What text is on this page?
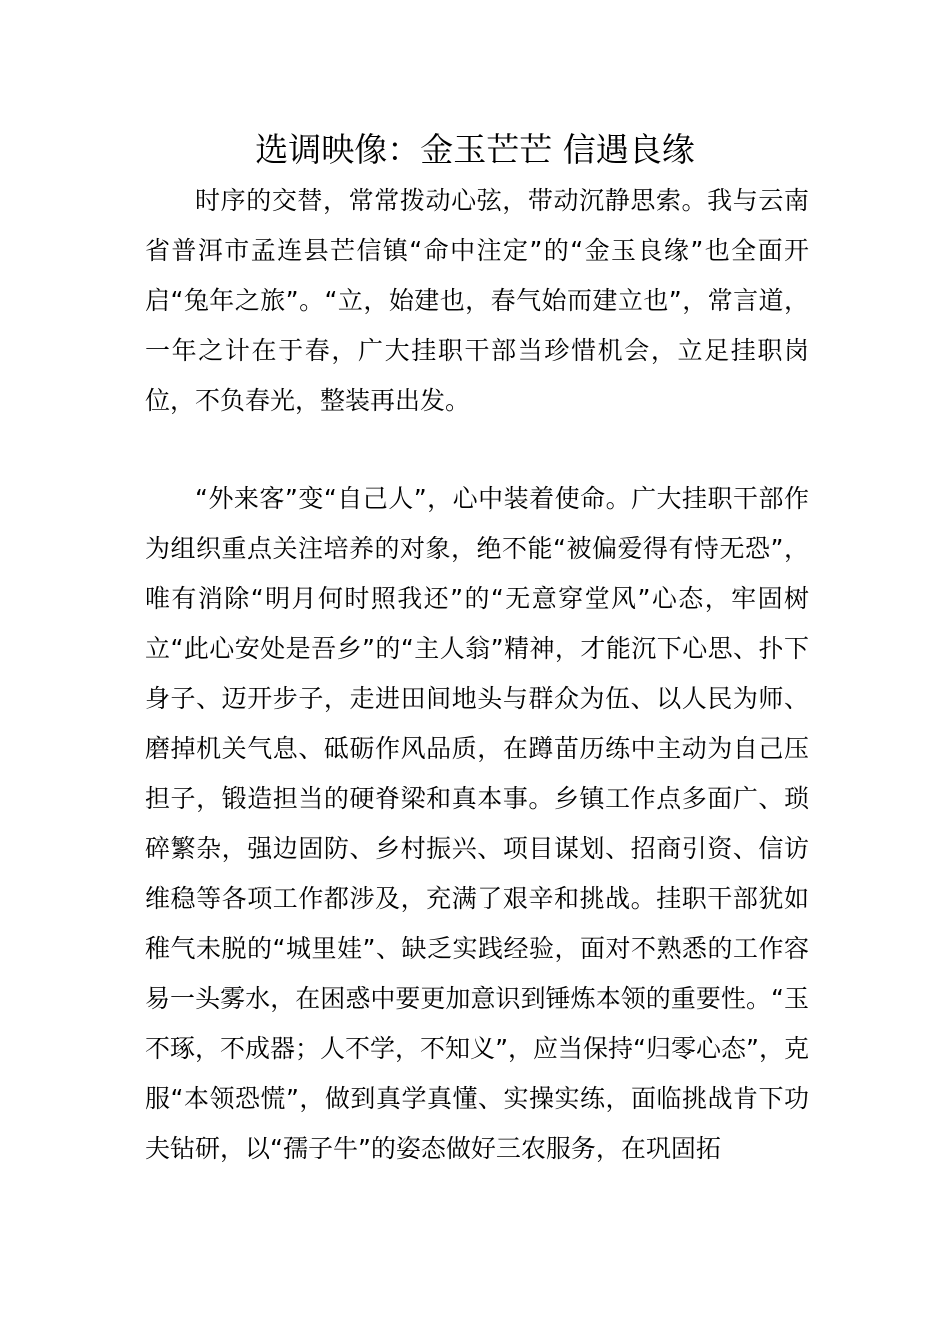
选调映像：金玉芒芒 信遇良缘

时序的交替，常常拨动心弦，带动沉静思索。我与云南省普洱市孟连县芒信镇“命中注定”的“金玉良缘”也全面开启“兔年之旅”。“立，始建也，春气始而建立也”，常言道，一年之计在于春，广大挂职干部当珍惜机会，立足挂职岗位，不负春光，整装再出发。

“外来客”变“自己人”，心中装着使命。广大挂职干部作为组织重点关注培养的对象，绝不能“被偏爱得有恃无恐”，唯有消除“明月何时照我还”的“无意穿堂风”心态，牢固树立“此心安处是吾乡”的“主人翁”精神，才能沉下心思、扑下身子、迈开步子，走进田间地头与群众为伍、以人民为师、磨掉机关气息、砥砺作风品质，在蹲苗历练中主动为自己压担子，锻造担当的硬脊梁和真本事。乡镇工作点多面广、琐碎繁杂，强边固防、乡村振兴、项目谋划、招商引资、信访维稳等各项工作都涉及，充满了艰辛和挑战。挂职干部犹如稚气未脱的“城里娃”、缺乏实践经验，面对不熟悉的工作容易一头雾水，在困惑中要更加意识到锤炼本领的重要性。“玉不琢，不成器；人不学，不知义”，应当保持“归零心态”，克服“本领恐慌”，做到真学真懂、实操实练，面临挑战肯下功夫钻研，以“孺子牛”的姿态做好三农服务，在巩固拓
